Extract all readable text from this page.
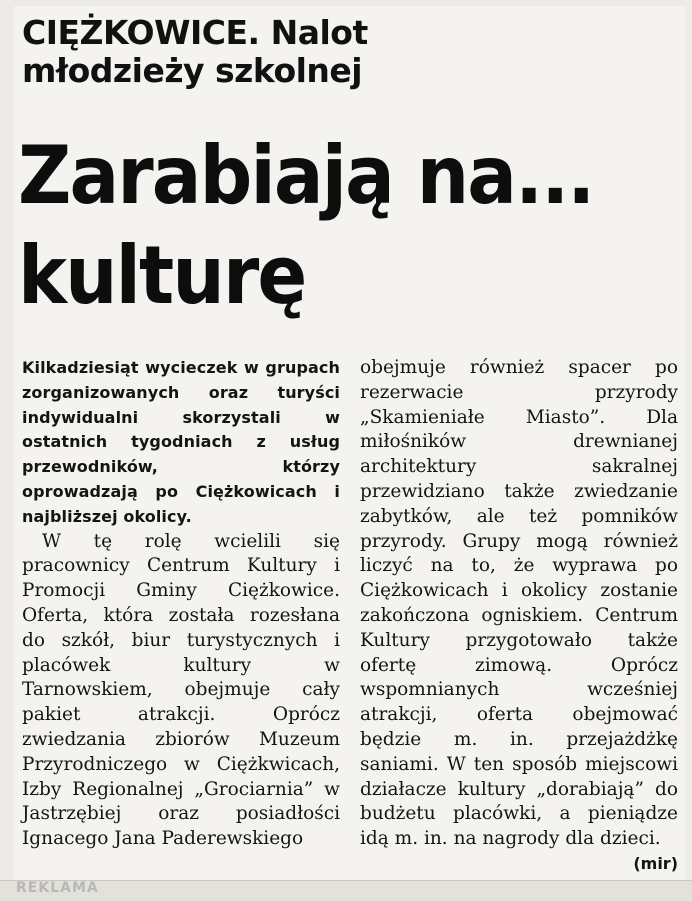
CIĘŻKOWICE. Nalot młodzieży szkolnej
Zarabiają na... kulturę

Kilkadziesiąt wycieczek w grupach zorganizowanych oraz turyści indywidualni skorzystali w ostatnich tygodniach z usług przewodników, którzy oprowadzają po Ciężkowicach i najbliższej okolicy.

W tę rolę wcielili się pracownicy Centrum Kultury i Promocji Gminy Ciężkowice. Oferta, która została rozesłana do szkół, biur turystycznych i placówek kultury w Tarnowskiem, obejmuje cały pakiet atrakcji. Oprócz zwiedzania zbiorów Muzeum Przyrodniczego w Ciężkwicach, Izby Regionalnej „Grociarnia” w Jastrzębiej oraz posiadłości Ignacego Jana Paderewskiego

obejmuje również spacer po rezerwacie przyrody „Skamieniałe Miasto”. Dla miłośników drewnianej architektury sakralnej przewidziano także zwiedzanie zabytków, ale też pomników przyrody. Grupy mogą również liczyć na to, że wyprawa po Ciężkowicach i okolicy zostanie zakończona ogniskiem. Centrum Kultury przygotowało także ofertę zimową. Oprócz wspomnianych wcześniej atrakcji, oferta obejmować będzie m. in. przejażdżkę saniami. W ten sposób miejscowi działacze kultury „dorabiają” do budżetu placówki, a pieniądze idą m. in. na nagrody dla dzieci.
(mir)

REKLAMA
